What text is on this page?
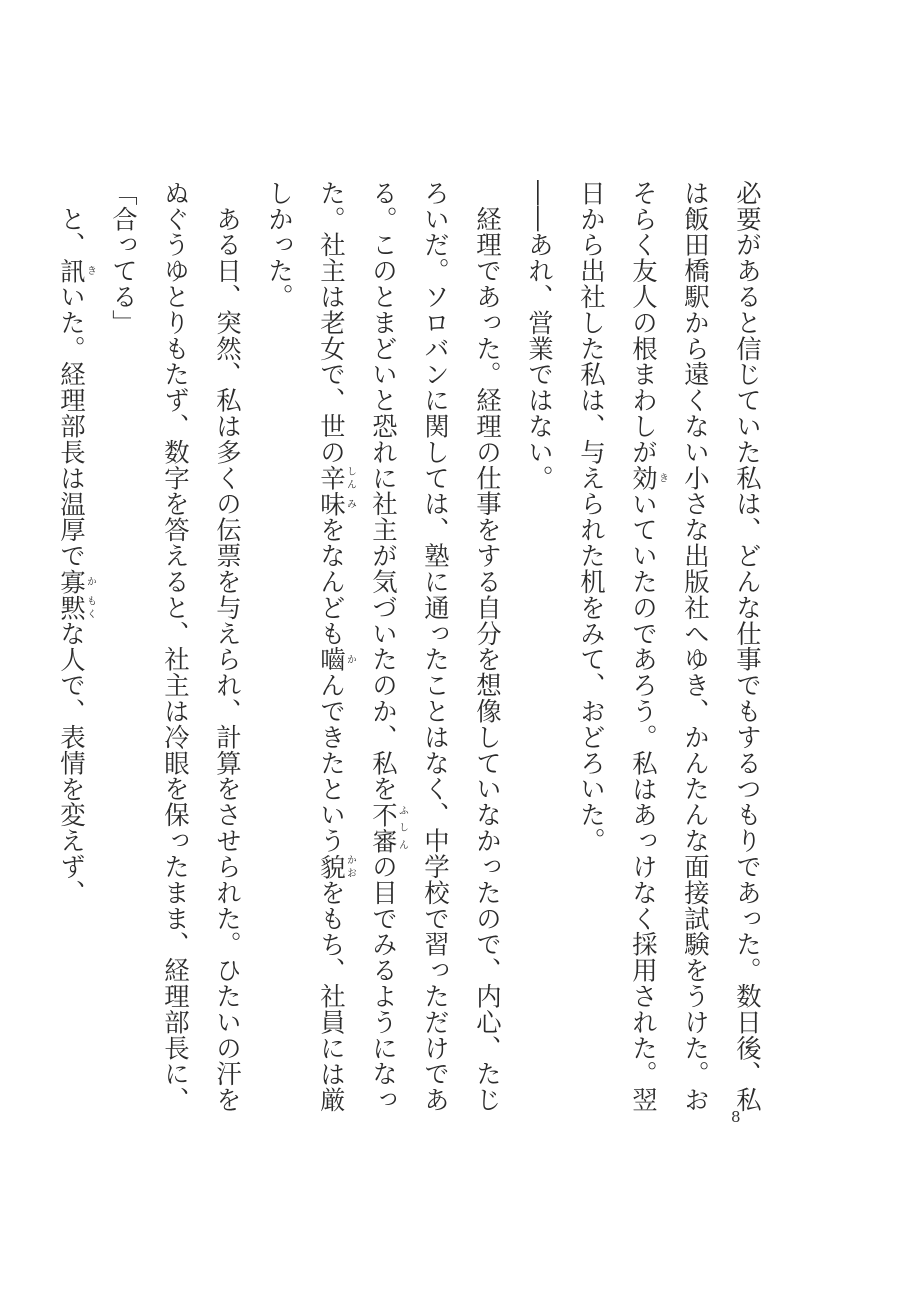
必要があると信じていた私は、どんな仕事でもするつもりであった。数日後、私
は飯田橋駅から遠くない小さな出版社へゆき、かんたんな面接試験をうけた。お
そらく友人の根まわしが効きいていたのであろう。私はあっけなく採用された。翌
日から出社した私は、与えられた机をみて、おどろいた。
――あれ、営業ではない。
　経理であった。経理の仕事をする自分を想像していなかったので、内心、たじ
ろいだ。ソロバンに関しては、塾に通ったことはなく、中学校で習っただけであ
る。このとまどいと恐れに社主が気づいたのか、私を不審ふしんの目でみるようになっ
た。社主は老女で、世の辛しん味みをなんども嚙かんできたという貌かおをもち、社員には厳
しかった。
　ある日、突然、私は多くの伝票を与えられ、計算をさせられた。ひたいの汗を
ぬぐうゆとりもたず、数字を答えると、社主は冷眼を保ったまま、経理部長に、
「合ってる」
　と、訊きいた。経理部長は温厚で寡か黙もくな人で、表情を変えず、
8
